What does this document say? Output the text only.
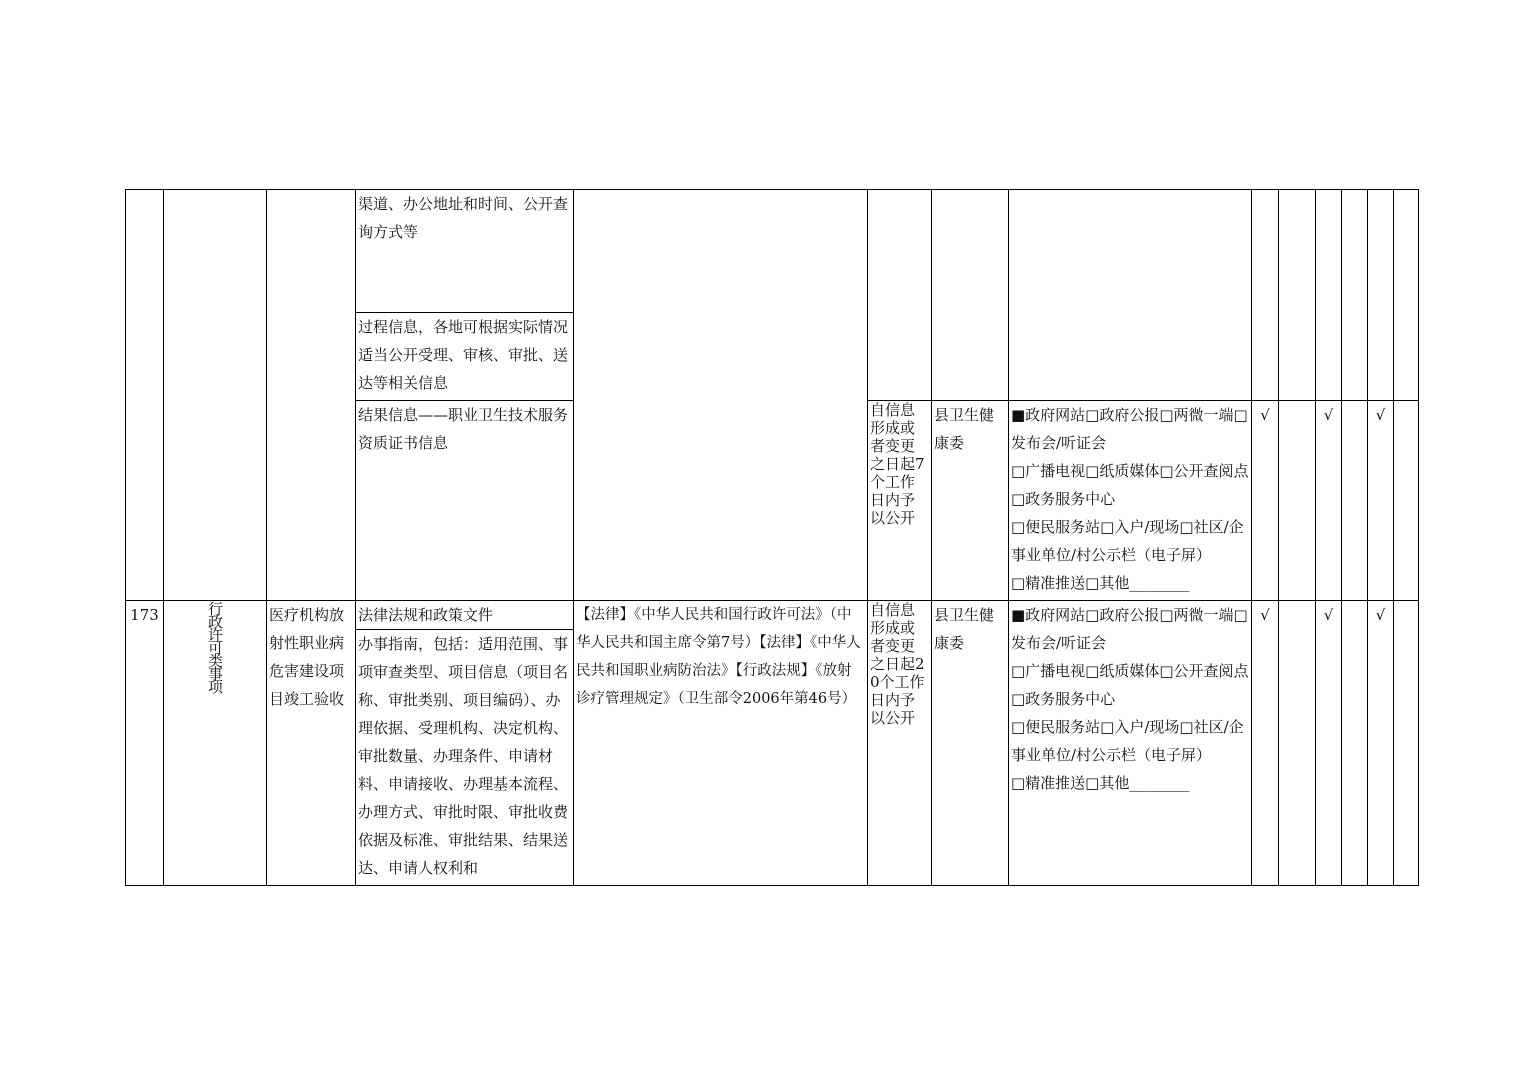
			渠道、办公地址和时间、公开查询方式等										

			过程信息，各地可根据实际情况适当公开受理、审核、审批、送达等相关信息										

			结果信息——职业卫生技术服务资质证书信息		自信息形成或者变更之日起7个工作日内予以公开	县卫生健康委	■政府网站□政府公报□两微一端□发布会/听证会
□广播电视□纸质媒体□公开查阅点□政务服务中心
□便民服务站□入户/现场□社区/企事业单位/村公示栏（电子屏）
□精准推送□其他________	√		√		√	
173	行政许可类事项	医疗机构放射性职业病危害建设项目竣工验收	法律法规和政策文件	【法律】《中华人民共和国行政许可法》（中华人民共和国主席令第7号）【法律】《中华人民共和国职业病防治法》【行政法规】《放射诊疗管理规定》（卫生部令2006年第46号）	自信息形成或者变更之日起20个工作日内予以公开	县卫生健康委	■政府网站□政府公报□两微一端□发布会/听证会
□广播电视□纸质媒体□公开查阅点□政务服务中心
□便民服务站□入户/现场□社区/企事业单位/村公示栏（电子屏）
□精准推送□其他________	√		√		√	

			办事指南，包括：适用范围、事项审查类型、项目信息（项目名称、审批类别、项目编码）、办理依据、受理机构、决定机构、审批数量、办理条件、申请材料、申请接收、办理基本流程、办理方式、审批时限、审批收费依据及标准、审批结果、结果送达、申请人权利和										
